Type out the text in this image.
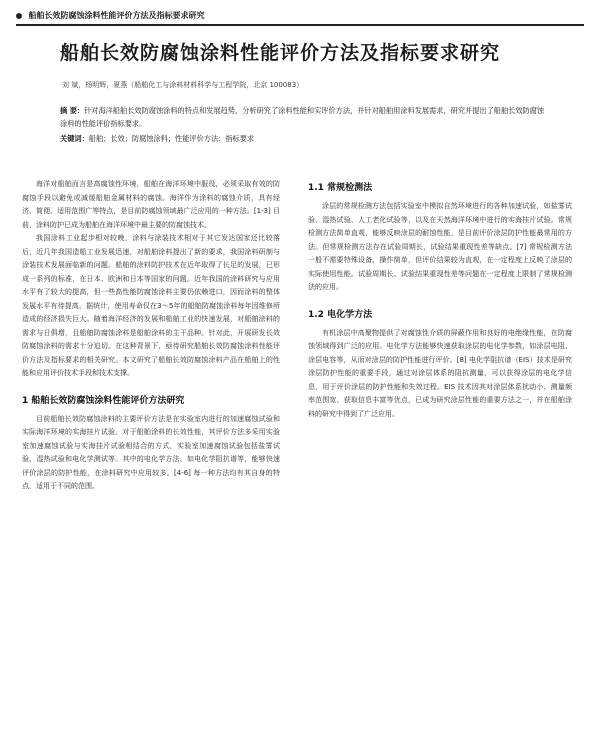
船舶长效防腐蚀涂料性能评价方法及指标要求研究
船舶长效防腐蚀涂料性能评价方法及指标要求研究
刘 斌，杨明辉，夏燕（船舶化工与涂料材料科学与工程学院，北京 100083）
摘 要：针对海洋船舶长效防腐蚀涂料的特点和发展趋势，分析研究了涂料性能和实评价方法，并针对船舶用涂料发展需求，研究并提出了船舶长效防腐蚀涂料的性能评价指标要求。
关键词：船舶；长效；防腐蚀涂料；性能评价方法；指标要求

海洋对船舶而言是高腐蚀性环境，船舶在海洋环境中服役，必须采取有效的防腐蚀手段以避免或减缓船舶金属材料的腐蚀。海洋作为涂料的腐蚀介质，具有经济、简便、适用范围广等特点，是目前防腐蚀领域最广泛应用的一种方法。[1-3] 目前，涂料防护已成为船舶在海洋环境中最主要的防腐蚀技术。

我国涂料工业起步相对较晚，涂料与涂装技术相对于其它发达国家还比较落后，近几年我国造船工业发展迅速，对船舶涂料提出了新的要求，我国涂料研制与涂装技术发展面临新的问题。船舶的涂料防护技术在近年取得了长足的发展，已形成一系列的标准，在日本、欧洲和日本等国家的问题。近年我国的涂料研究与应用水平有了较大的提高，但一些高性能防腐蚀涂料主要仍依赖进口，因而涂料的整体发展水平有待提高。据统计，使用寿命仅在3～5年的船舶防腐蚀涂料每年因维修所造成的经济损失巨大。随着海洋经济的发展和船舶工业的快速发展，对船舶涂料的需求与日俱增，且船舶防腐蚀涂料是船舶涂料的主干品种。针对此，开展研发长效防腐蚀涂料的需求十分迫切。在这种背景下，亟待研究船舶长效防腐蚀涂料性能评价方法及指标要求的相关研究。本文研究了船舶长效防腐蚀涂料产品在船舶上的性能和应用评价技术手段和技术支撑。

1 船舶长效防腐蚀涂料性能评价方法研究

目前船舶长效防腐蚀涂料的主要评价方法是在实验室内进行的加速腐蚀试验和实际海洋环境的实海挂片试验。对于船舶涂料的长效性能，其评价方法多采用实验室加速腐蚀试验与实海挂片试验相结合的方式，实验室加速腐蚀试验包括盐雾试验、湿热试验和电化学测试等。其中的电化学方法，如电化学阻抗谱等，能够快速评价涂层的防护性能，在涂料研究中应用较多。[4-6] 每一种方法均有其自身的特点，适用于不同的范围。

1.1 常规检测法

涂层的常规检测方法包括实验室中模拟自然环境进行的各种加速试验，如盐雾试验、湿热试验、人工老化试验等，以及在天然海洋环境中进行的实海挂片试验。常规检测方法简单直观，能够反映涂层的耐蚀性能，是目前评价涂层防护性能最常用的方法。但常规检测方法存在试验周期长，试验结果重现性差等缺点。[7] 常规检测方法一般不需要特殊设备，操作简单，但评价结果较为直观，在一定程度上反映了涂层的实际使用性能。试验周期长、试验结果重现性差等问题在一定程度上限制了常规检测法的应用。

1.2 电化学方法

有机涂层中高聚物提供了对腐蚀性介质的屏蔽作用和良好的电绝缘性能，在防腐蚀领域得到广泛的应用。电化学方法能够快速获取涂层的电化学参数，如涂层电阻、涂层电容等，从而对涂层的防护性能进行评价。[8] 电化学阻抗谱（EIS）技术是研究涂层防护性能的重要手段，通过对涂层体系的阻抗测量，可以获得涂层的电化学信息，用于评价涂层的防护性能和失效过程。EIS 技术因其对涂层体系扰动小、测量频率范围宽、获取信息丰富等优点，已成为研究涂层性能的重要方法之一，并在船舶涂料的研究中得到了广泛应用。
